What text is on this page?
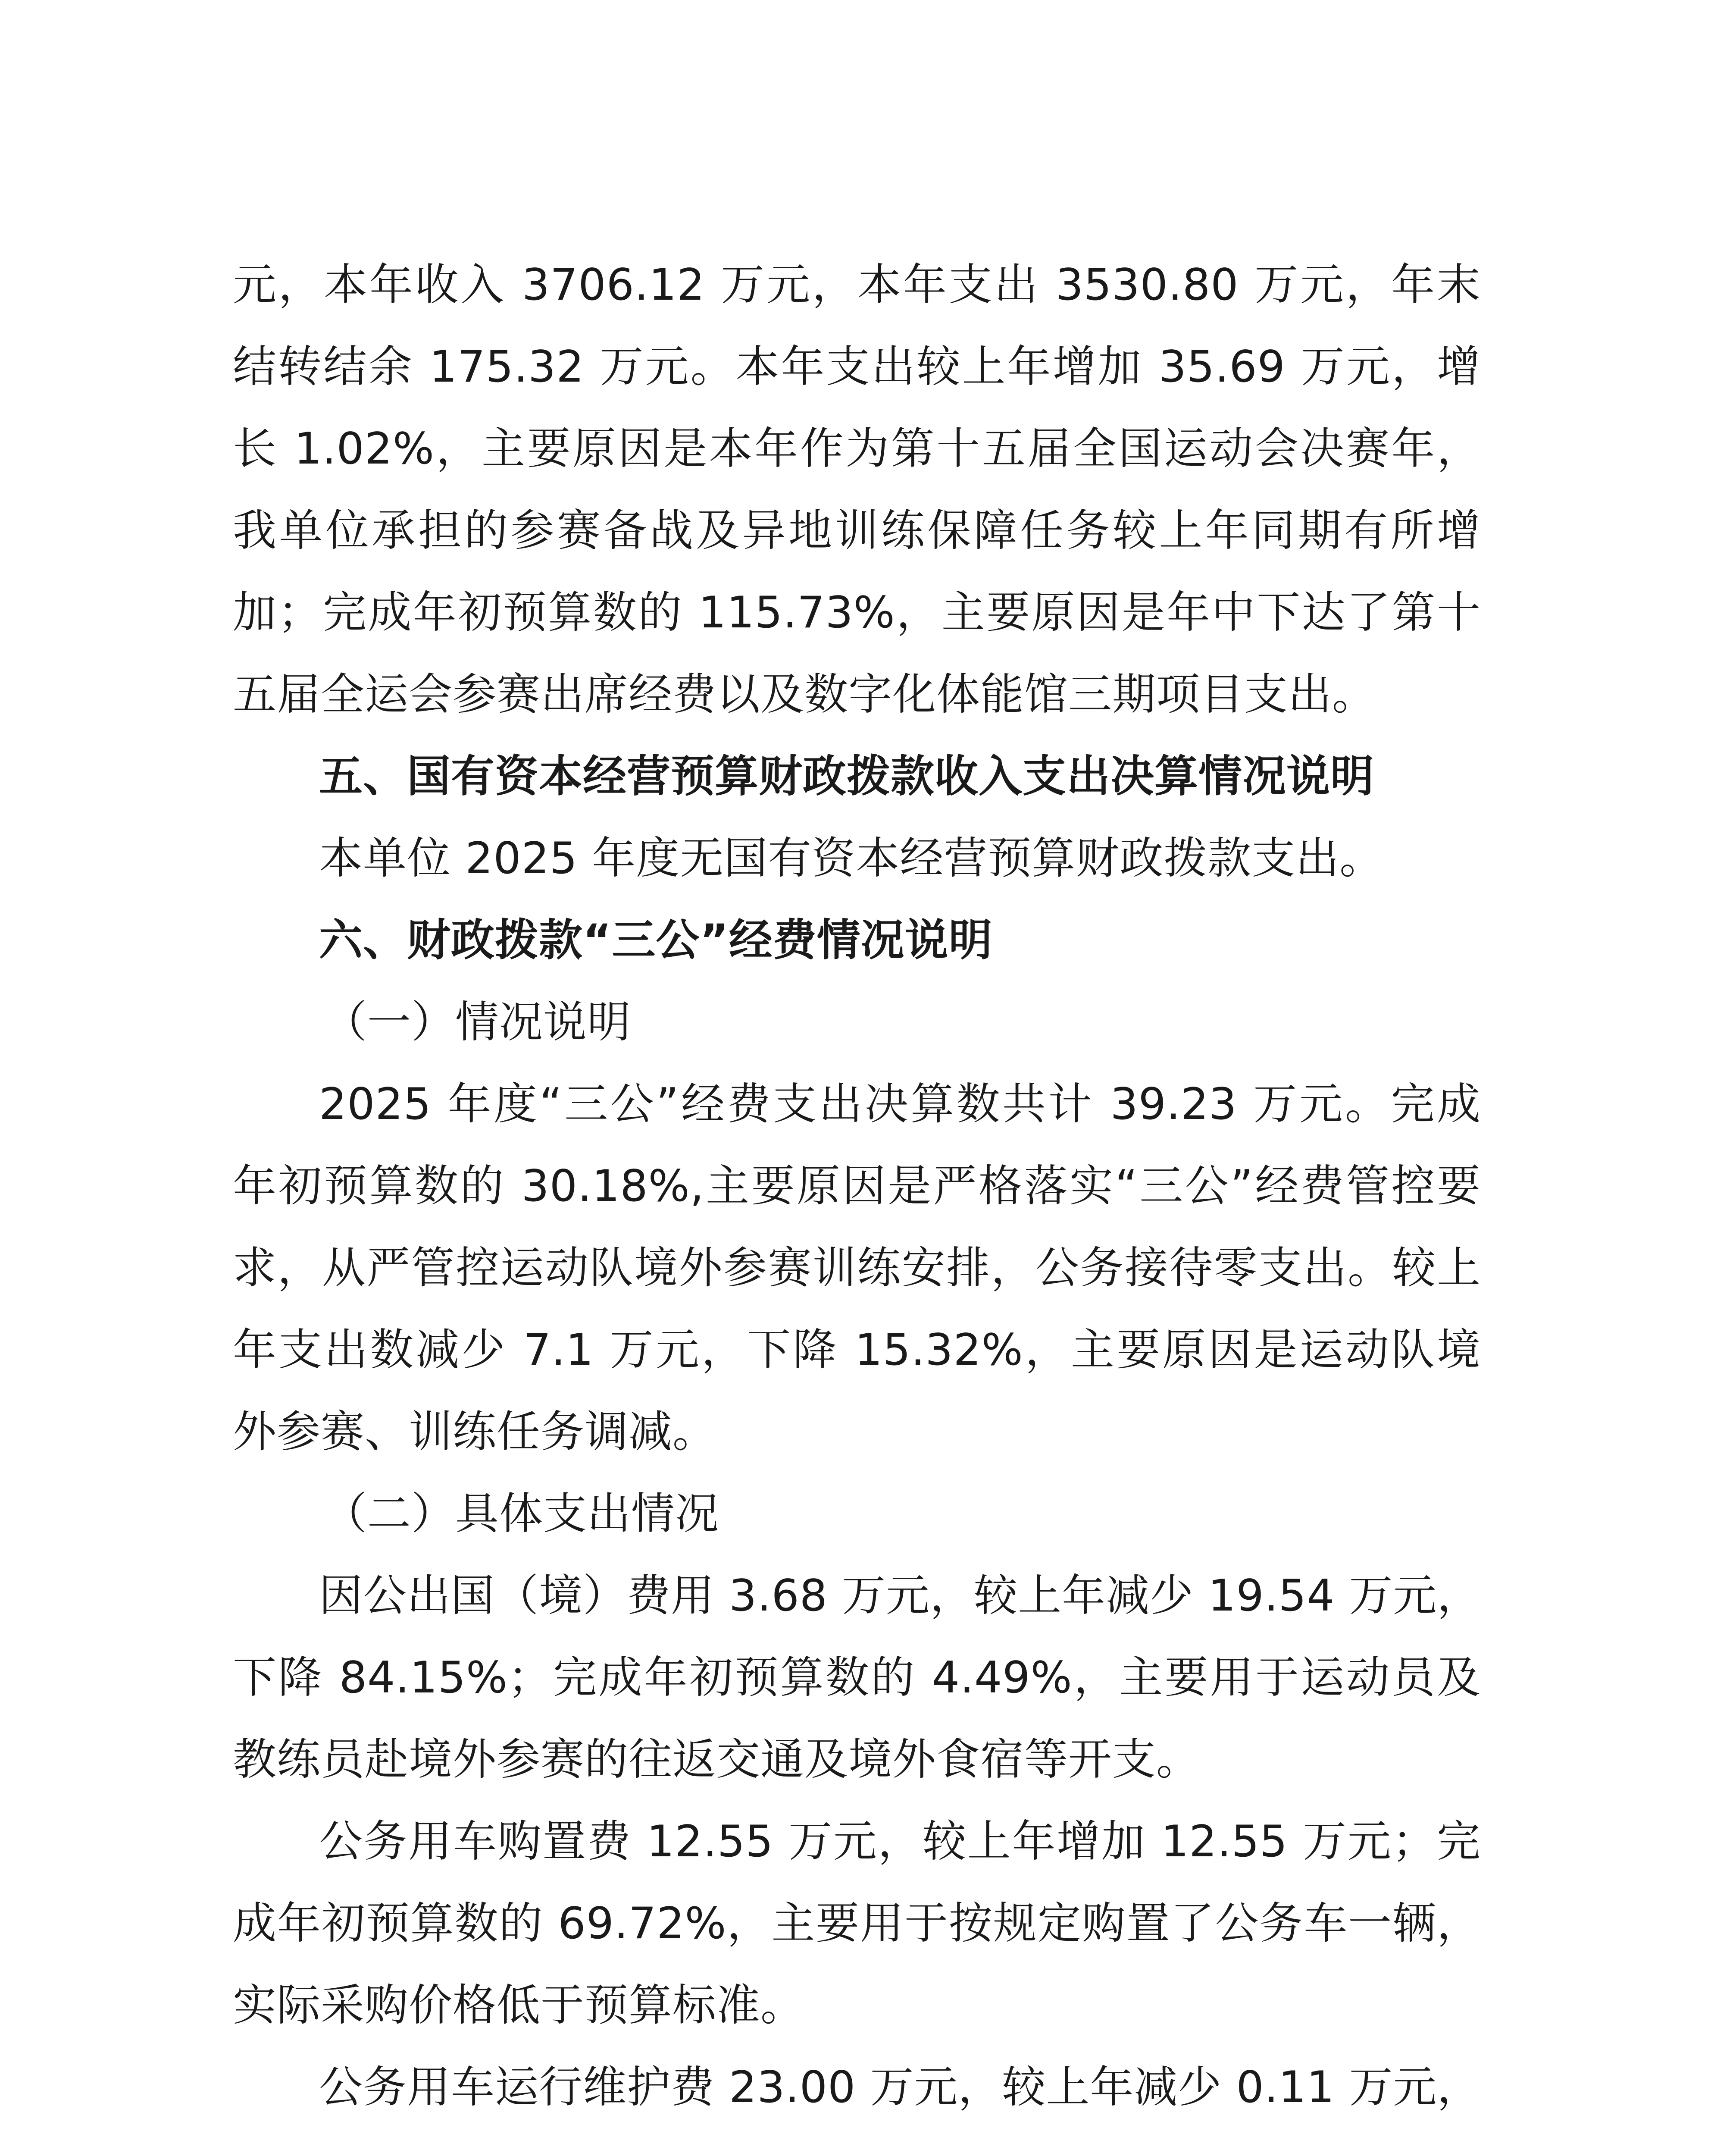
元，本年收入 3706.12 万元，本年支出 3530.80 万元，年末
结转结余 175.32 万元。本年支出较上年增加 35.69 万元，增
长 1.02%，主要原因是本年作为第十五届全国运动会决赛年，
我单位承担的参赛备战及异地训练保障任务较上年同期有所增
加；完成年初预算数的 115.73%，主要原因是年中下达了第十
五届全运会参赛出席经费以及数字化体能馆三期项目支出。
五、国有资本经营预算财政拨款收入支出决算情况说明
本单位 2025 年度无国有资本经营预算财政拨款支出。
六、财政拨款“三公”经费情况说明
（一）情况说明
2025 年度“三公”经费支出决算数共计 39.23 万元。完成
年初预算数的 30.18%,主要原因是严格落实“三公”经费管控要
求，从严管控运动队境外参赛训练安排，公务接待零支出。较上
年支出数减少 7.1 万元，下降 15.32%，主要原因是运动队境
外参赛、训练任务调减。
（二）具体支出情况
因公出国（境）费用 3.68 万元，较上年减少 19.54 万元，
下降 84.15%；完成年初预算数的 4.49%，主要用于运动员及
教练员赴境外参赛的往返交通及境外食宿等开支。
公务用车购置费 12.55 万元，较上年增加 12.55 万元；完
成年初预算数的 69.72%，主要用于按规定购置了公务车一辆，
实际采购价格低于预算标准。
公务用车运行维护费 23.00 万元，较上年减少 0.11 万元，
